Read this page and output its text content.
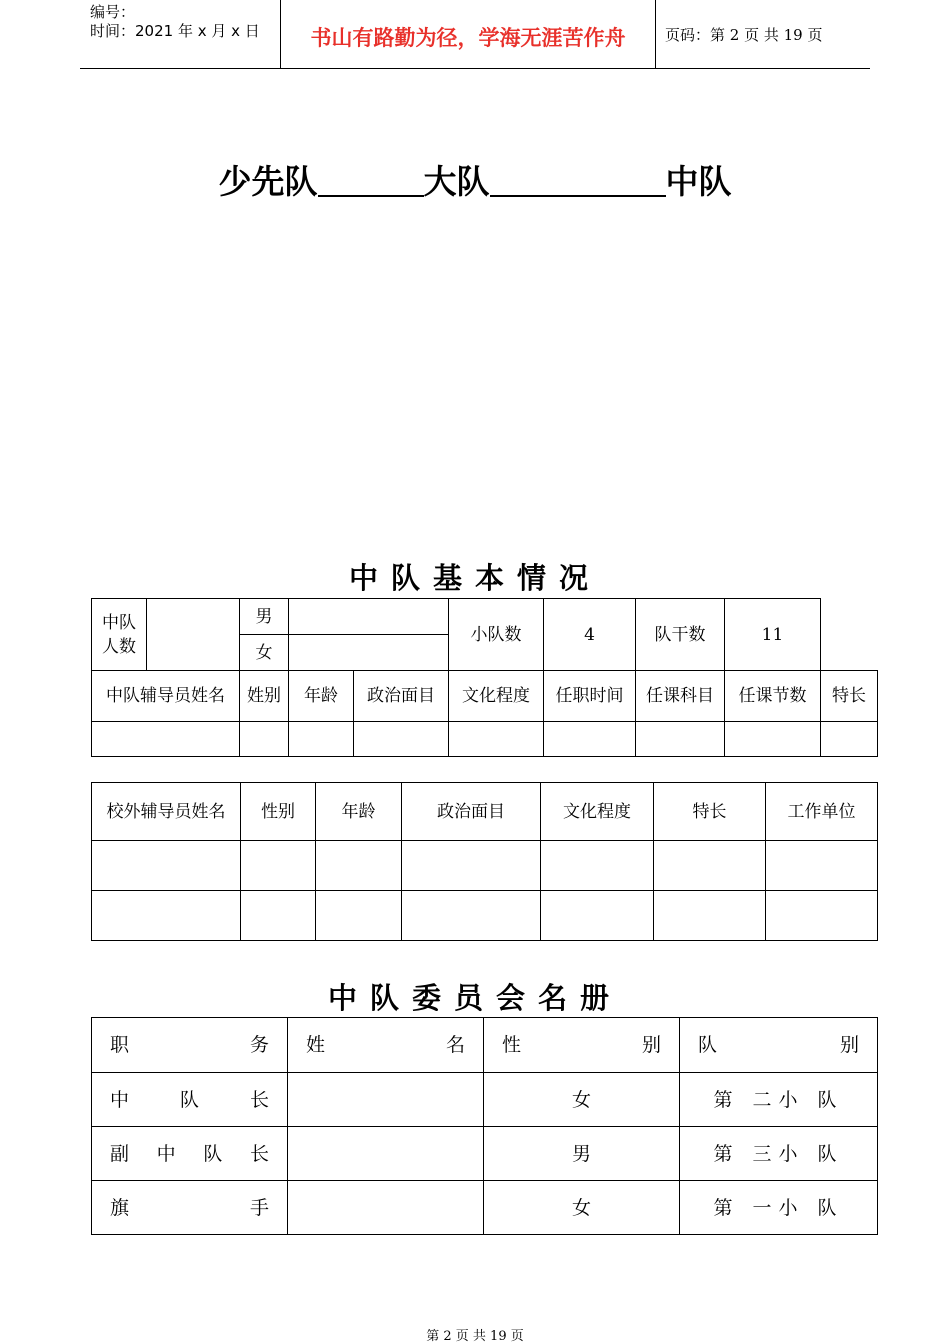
编号：
时间：2021 年 x 月 x 日	书山有路勤为径，学海无涯苦作舟	页码：第 2 页 共 19 页
少先队	大队	中队
中队基本情况
中队人数		男			小队数	4	队干数	11	
		女							
中队辅导员姓名		姓别	年龄	政治面目	文化程度	任职时间	任课科目	任课节数	特长

校外辅导员姓名	性别	年龄	政治面目	文化程度	特长	工作单位

中队委员会名册
职务	姓名	性别	队别
中队长		女	第 二小 队
副中队长		男	第 三小 队
旗手		女	第 一小 队
第 2 页 共 19 页
